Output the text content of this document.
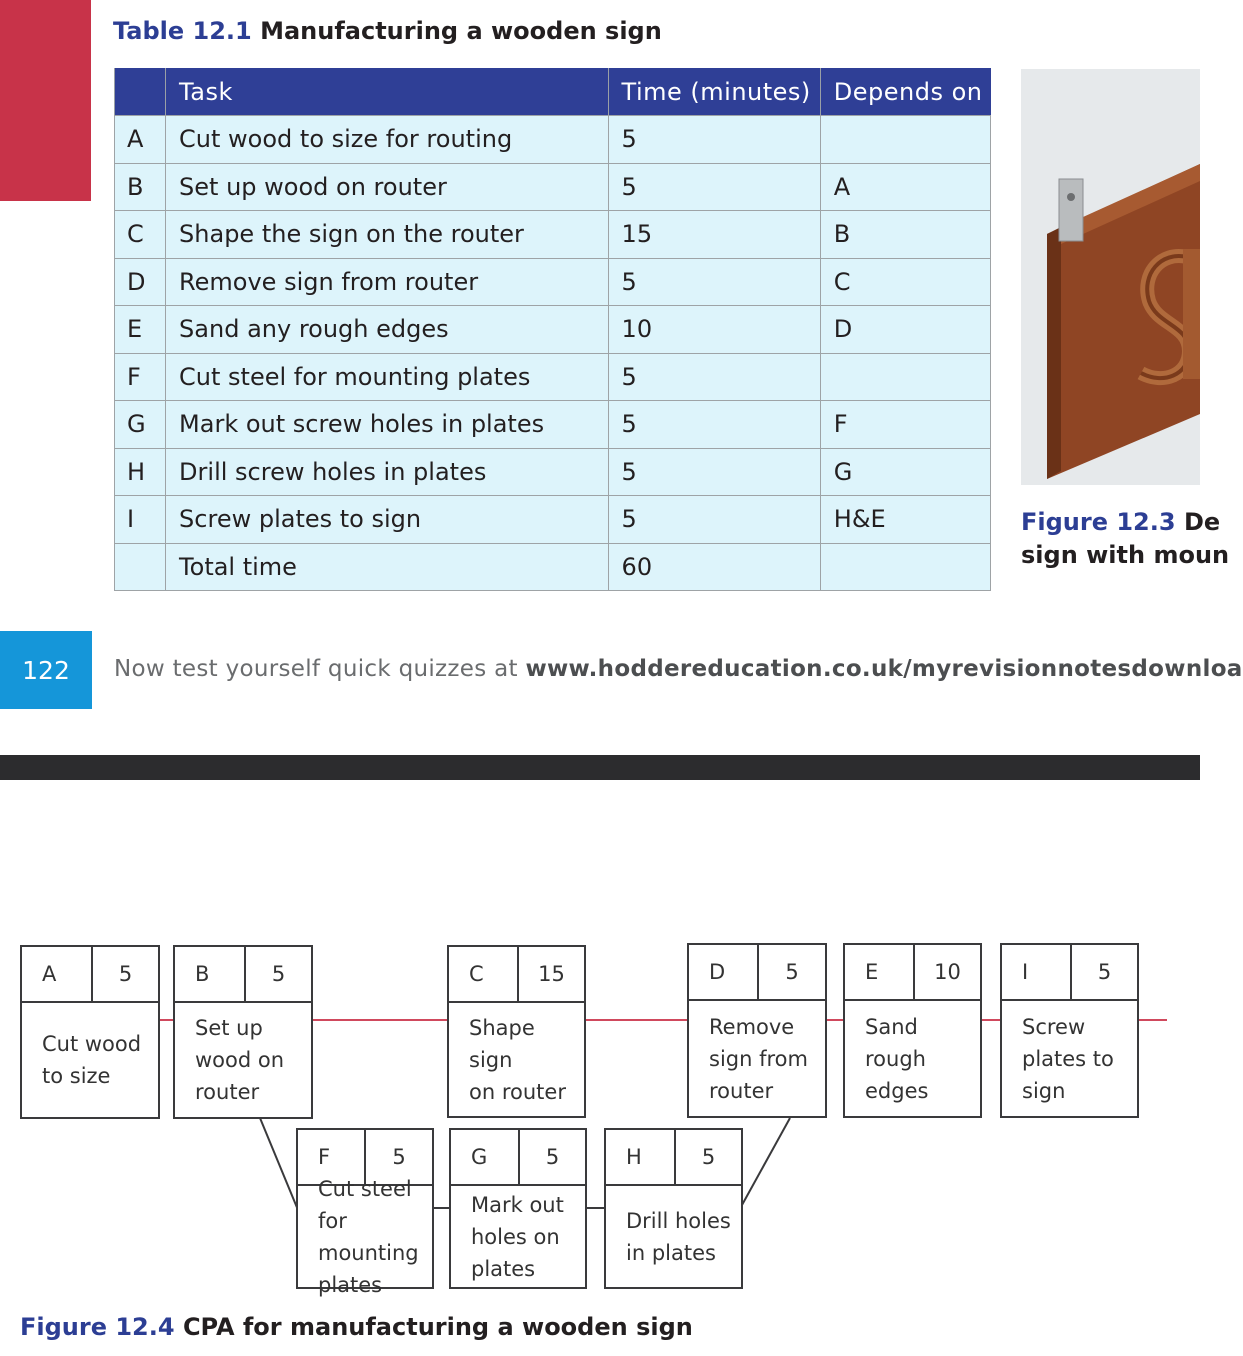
Table 12.1 Manufacturing a wooden sign
	Task	Time (minutes)	Depends on
A	Cut wood to size for routing	5	
B	Set up wood on router	5	A
C	Shape the sign on the router	15	B
D	Remove sign from router	5	C
E	Sand any rough edges	10	D
F	Cut steel for mounting plates	5	
G	Mark out screw holes in plates	5	F
H	Drill screw holes in plates	5	G
I	Screw plates to sign	5	H&E
	Total time	60	
Figure 12.3 De
sign with moun
122	Now test yourself quick quizzes at www.hoddereducation.co.uk/myrevisionnotesdownloa
A	5
Cut wood
to size
B	5
Set up
wood on
router
C	15
Shape sign
on router
D	5
Remove
sign from
router
E	10
Sand
rough
edges
I	5
Screw
plates to
sign
F	5
Cut steel for
mounting
plates
G	5
Mark out
holes on
plates
H	5
Drill holes
in plates
Figure 12.4 CPA for manufacturing a wooden sign
